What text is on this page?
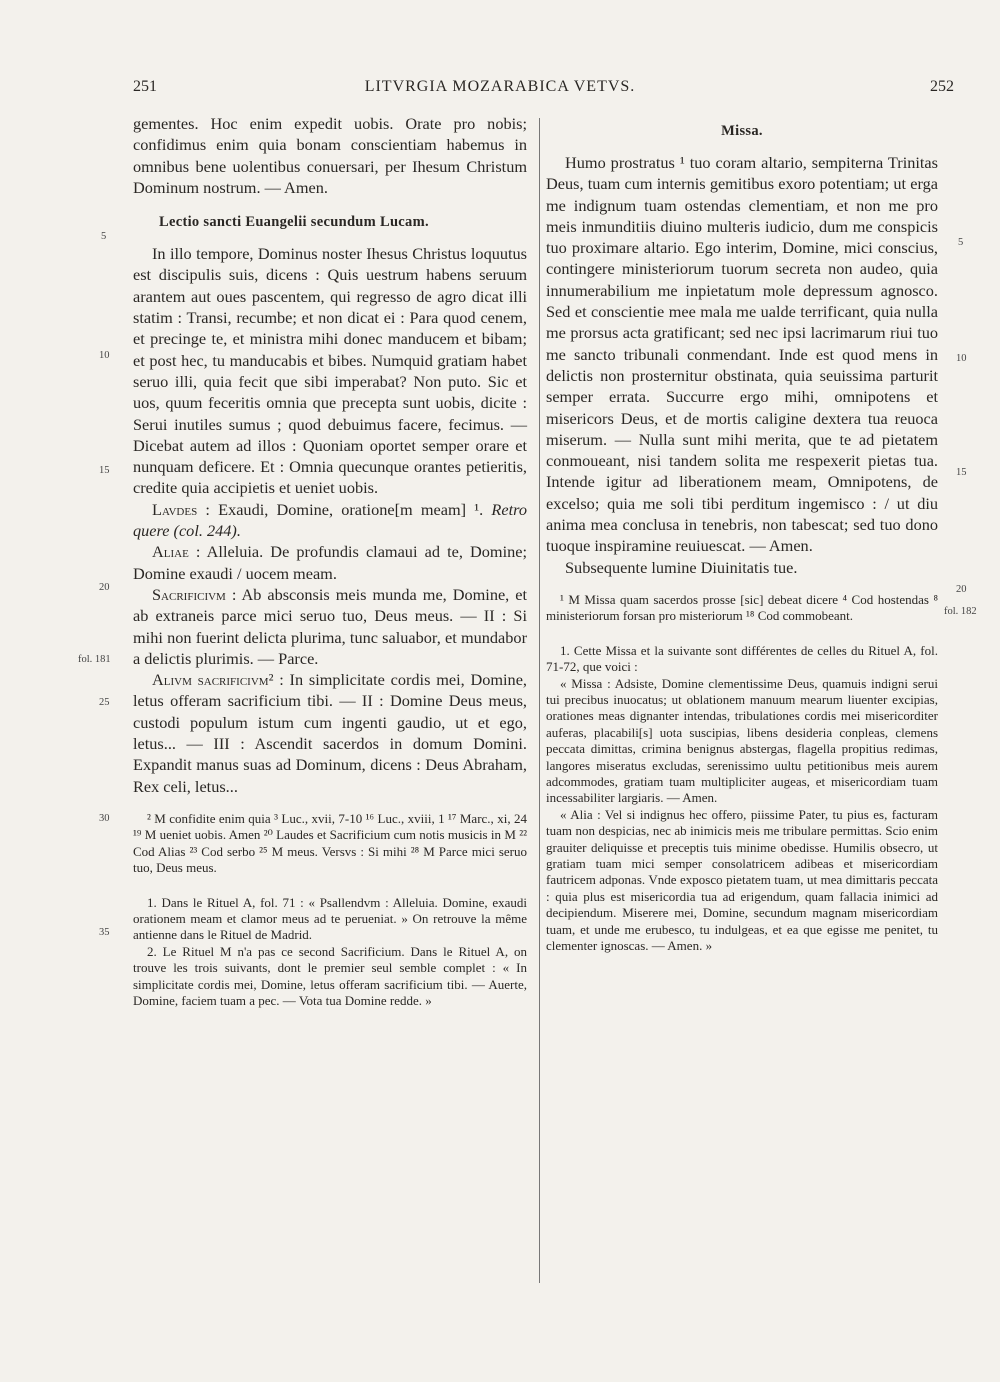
251	LITVRGIA MOZARABICA VETVS.	252

gementes. Hoc enim expedit uobis. Orate pro nobis; confidimus enim quia bonam conscientiam habemus in omnibus bene uolentibus conuersari, per Ihesum Christum Dominum nostrum. — Amen.

Lectio sancti Euangelii secundum Lucam.

In illo tempore, Dominus noster Ihesus Christus loquutus est discipulis suis, dicens : Quis uestrum habens seruum arantem aut oues pascentem, qui regresso de agro dicat illi statim : Transi, recumbe; et non dicat ei : Para quod cenem, et precinge te, et ministra mihi donec manducem et bibam; et post hec, tu manducabis et bibes. Numquid gratiam habet seruo illi, quia fecit que sibi imperabat? Non puto. Sic et uos, quum feceritis omnia que precepta sunt uobis, dicite : Serui inutiles sumus ; quod debuimus facere, fecimus. — Dicebat autem ad illos : Quoniam oportet semper orare et nunquam deficere. Et : Omnia quecunque orantes petieritis, credite quia accipietis et ueniet uobis.

Lavdes : Exaudi, Domine, oratione[m meam] ¹. Retro quere (col. 244).

Aliae : Alleluia. De profundis clamaui ad te, Domine; Domine exaudi / uocem meam.

Sacrificivm : Ab absconsis meis munda me, Domine, et ab extraneis parce mici seruo tuo, Deus meus. — II : Si mihi non fuerint delicta plurima, tunc saluabor, et mundabor a delictis plurimis. — Parce.

Alivm sacrificivm² : In simplicitate cordis mei, Domine, letus offeram sacrificium tibi. — II : Domine Deus meus, custodi populum istum cum ingenti gaudio, ut et ego, letus... — III : Ascendit sacerdos in domum Domini. Expandit manus suas ad Dominum, dicens : Deus Abraham, Rex celi, letus...

² M confidite enim quia ³ Luc., xvii, 7-10 ¹⁶ Luc., xviii, 1 ¹⁷ Marc., xi, 24 ¹⁹ M ueniet uobis. Amen ²⁰ Laudes et Sacrificium cum notis musicis in M ²² Cod Alias ²³ Cod serbo ²⁵ M meus. Versvs : Si mihi ²⁸ M Parce mici seruo tuo, Deus meus.

1. Dans le Rituel A, fol. 71 : « Psallendvm : Alleluia. Domine, exaudi orationem meam et clamor meus ad te perueniat. » On retrouve la même antienne dans le Rituel de Madrid.

2. Le Rituel M n'a pas ce second Sacrificium. Dans le Rituel A, on trouve les trois suivants, dont le premier seul semble complet : « In simplicitate cordis mei, Domine, letus offeram sacrificium tibi. — Auerte, Domine, faciem tuam a pec. — Vota tua Domine redde. »

Missa.

Humo prostratus ¹ tuo coram altario, sempiterna Trinitas Deus, tuam cum internis gemitibus exoro potentiam; ut erga me indignum tuam ostendas clementiam, et non me pro meis inmunditiis diuino multeris iudicio, dum me conspicis tuo proximare altario. Ego interim, Domine, mici conscius, contingere ministeriorum tuorum secreta non audeo, quia innumerabilium me inpietatum mole depressum agnosco. Sed et conscientie mee mala me ualde terrificant, quia nulla me prorsus acta gratificant; sed nec ipsi lacrimarum riui tuo me sancto tribunali conmendant. Inde est quod mens in delictis non prosternitur obstinata, quia seuissima parturit semper errata. Succurre ergo mihi, omnipotens et misericors Deus, et de mortis caligine dextera tua reuoca miserum. — Nulla sunt mihi merita, que te ad pietatem conmoueant, nisi tandem solita me respexerit pietas tua. Intende igitur ad liberationem meam, Omnipotens, de excelso; quia me soli tibi perditum ingemisco : / ut diu anima mea conclusa in tenebris, non tabescat; sed tuo dono tuoque inspiramine reuiuescat. — Amen.

Subsequente lumine Diuinitatis tue.

¹ M Missa quam sacerdos prosse [sic] debeat dicere ⁴ Cod hostendas ⁸ ministeriorum forsan pro misteriorum ¹⁸ Cod commobeant.

1. Cette Missa et la suivante sont différentes de celles du Rituel A, fol. 71-72, que voici :

« Missa : Adsiste, Domine clementissime Deus, quamuis indigni serui tui precibus inuocatus; ut oblationem manuum mearum liuenter excipias, orationes meas dignanter intendas, tribulationes cordis mei misericorditer auferas, placabili[s] uota suscipias, libens desideria conpleas, clemens peccata dimittas, crimina benignus abstergas, flagella propitius redimas, langores miseratus excludas, serenissimo uultu petitionibus meis aurem adcommodes, gratiam tuam multipliciter augeas, et misericordiam tuam incessabiliter largiaris. — Amen.

« Alia : Vel si indignus hec offero, piissime Pater, tu pius es, facturam tuam non despicias, nec ab inimicis meis me tribulare permittas. Scio enim grauiter deliquisse et preceptis tuis minime obedisse. Humilis obsecro, ut gratiam tuam mici semper consolatricem adibeas et misericordiam fautricem adponas. Vnde exposco pietatem tuam, ut mea dimittaris peccata : quia plus est misericordia tua ad erigendum, quam fallacia inimici ad decipiendum. Miserere mei, Domine, secundum magnam misericordiam tuam, et unde me erubesco, tu indulgeas, et ea que egisse me penitet, tu clementer ignoscas. — Amen. »

5
10
15
20
fol. 181
25
30
35
5
10
15
20
fol. 182
